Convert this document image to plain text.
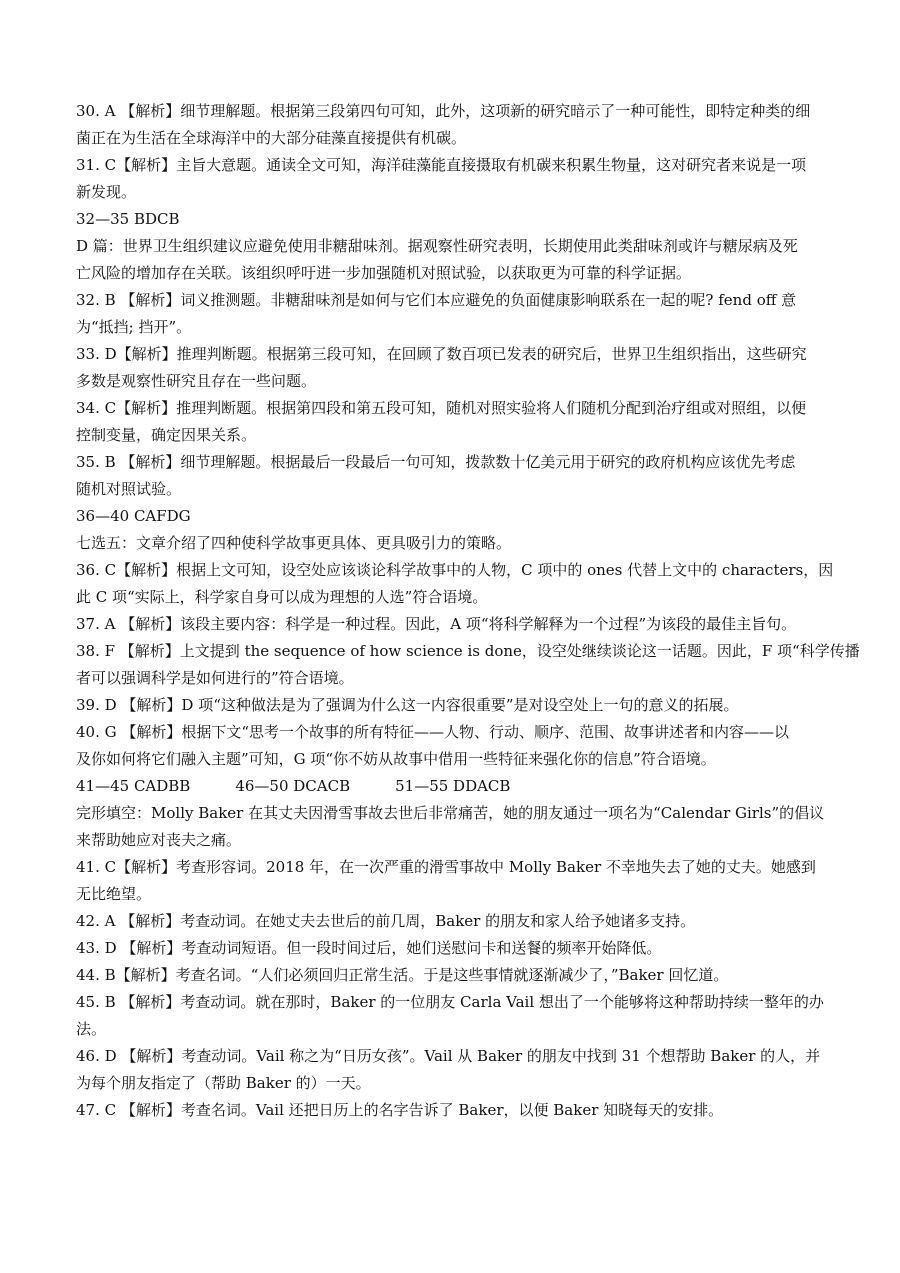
30. A 【解析】细节理解题。根据第三段第四句可知，此外，这项新的研究暗示了一种可能性，即特定种类的细

菌正在为生活在全球海洋中的大部分硅藻直接提供有机碳。

31. C【解析】主旨大意题。通读全文可知，海洋硅藻能直接摄取有机碳来积累生物量，这对研究者来说是一项

新发现。

32—35 BDCB

D 篇：世界卫生组织建议应避免使用非糖甜味剂。据观察性研究表明，长期使用此类甜味剂或许与糖尿病及死

亡风险的增加存在关联。该组织呼吁进一步加强随机对照试验，以获取更为可靠的科学证据。

32. B 【解析】词义推测题。非糖甜味剂是如何与它们本应避免的负面健康影响联系在一起的呢? fend off 意

为“抵挡; 挡开”。

33. D【解析】推理判断题。根据第三段可知，在回顾了数百项已发表的研究后，世界卫生组织指出，这些研究

多数是观察性研究且存在一些问题。

34. C【解析】推理判断题。根据第四段和第五段可知，随机对照实验将人们随机分配到治疗组或对照组，以便

控制变量，确定因果关系。

35. B 【解析】细节理解题。根据最后一段最后一句可知，拨款数十亿美元用于研究的政府机构应该优先考虑

随机对照试验。

36—40 CAFDG

七选五：文章介绍了四种使科学故事更具体、更具吸引力的策略。

36. C【解析】根据上文可知，设空处应该谈论科学故事中的人物，C 项中的 ones 代替上文中的 characters，因

此 C 项“实际上，科学家自身可以成为理想的人选”符合语境。

37. A 【解析】该段主要内容：科学是一种过程。因此，A 项“将科学解释为一个过程”为该段的最佳主旨句。

38. F 【解析】上文提到 the sequence of how science is done，设空处继续谈论这一话题。因此，F 项“科学传播

者可以强调科学是如何进行的”符合语境。

39. D 【解析】D 项“这种做法是为了强调为什么这一内容很重要”是对设空处上一句的意义的拓展。

40. G 【解析】根据下文“思考一个故事的所有特征——人物、行动、顺序、范围、故事讲述者和内容——以

及你如何将它们融入主题”可知，G 项“你不妨从故事中借用一些特征来强化你的信息”符合语境。

41—45 CADBB　　　46—50 DCACB　　　51—55 DDACB

完形填空：Molly Baker 在其丈夫因滑雪事故去世后非常痛苦，她的朋友通过一项名为“Calendar Girls”的倡议

来帮助她应对丧夫之痛。

41. C【解析】考查形容词。2018 年，在一次严重的滑雪事故中 Molly Baker 不幸地失去了她的丈夫。她感到

无比绝望。

42. A 【解析】考查动词。在她丈夫去世后的前几周，Baker 的朋友和家人给予她诸多支持。

43. D 【解析】考查动词短语。但一段时间过后，她们送慰问卡和送餐的频率开始降低。

44. B【解析】考查名词。“人们必须回归正常生活。于是这些事情就逐渐减少了，”Baker 回忆道。

45. B 【解析】考查动词。就在那时，Baker 的一位朋友 Carla Vail 想出了一个能够将这种帮助持续一整年的办

法。

46. D 【解析】考查动词。Vail 称之为“日历女孩”。Vail 从 Baker 的朋友中找到 31 个想帮助 Baker 的人，并

为每个朋友指定了（帮助 Baker 的）一天。

47. C 【解析】考查名词。Vail 还把日历上的名字告诉了 Baker，以便 Baker 知晓每天的安排。
